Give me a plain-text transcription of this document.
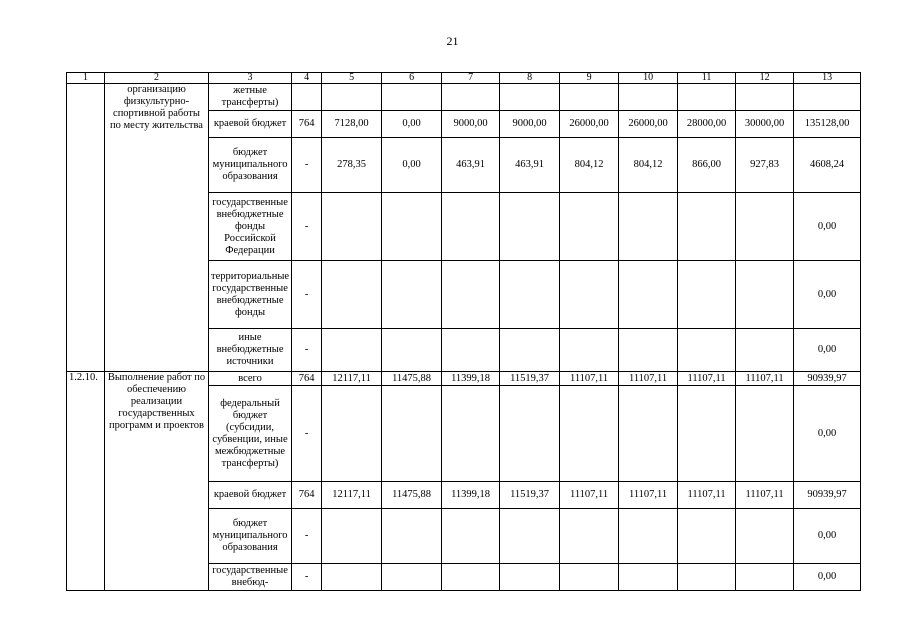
21
1	2	3	4	5	6	7	8	9	10	11	12	13
	организацию физкультурно-спортивной работы по месту жительства	жетные трансферты)										
		краевой бюджет	764	7128,00	0,00	9000,00	9000,00	26000,00	26000,00	28000,00	30000,00	135128,00
		бюджет муниципального образования	-	278,35	0,00	463,91	463,91	804,12	804,12	866,00	927,83	4608,24
		государственные внебюджетные фонды Российской Федерации	-									0,00
		территориальные государственные внебюджетные фонды	-									0,00
		иные внебюджетные источники	-									0,00
1.2.10.	Выполнение работ по обеспечению реализации государственных программ и проектов	всего	764	12117,11	11475,88	11399,18	11519,37	11107,11	11107,11	11107,11	11107,11	90939,97
		федеральный бюджет (субсидии, субвенции, иные межбюджетные трансферты)	-									0,00
		краевой бюджет	764	12117,11	11475,88	11399,18	11519,37	11107,11	11107,11	11107,11	11107,11	90939,97
		бюджет муниципального образования	-									0,00
		государственные внебюд-	-									0,00
